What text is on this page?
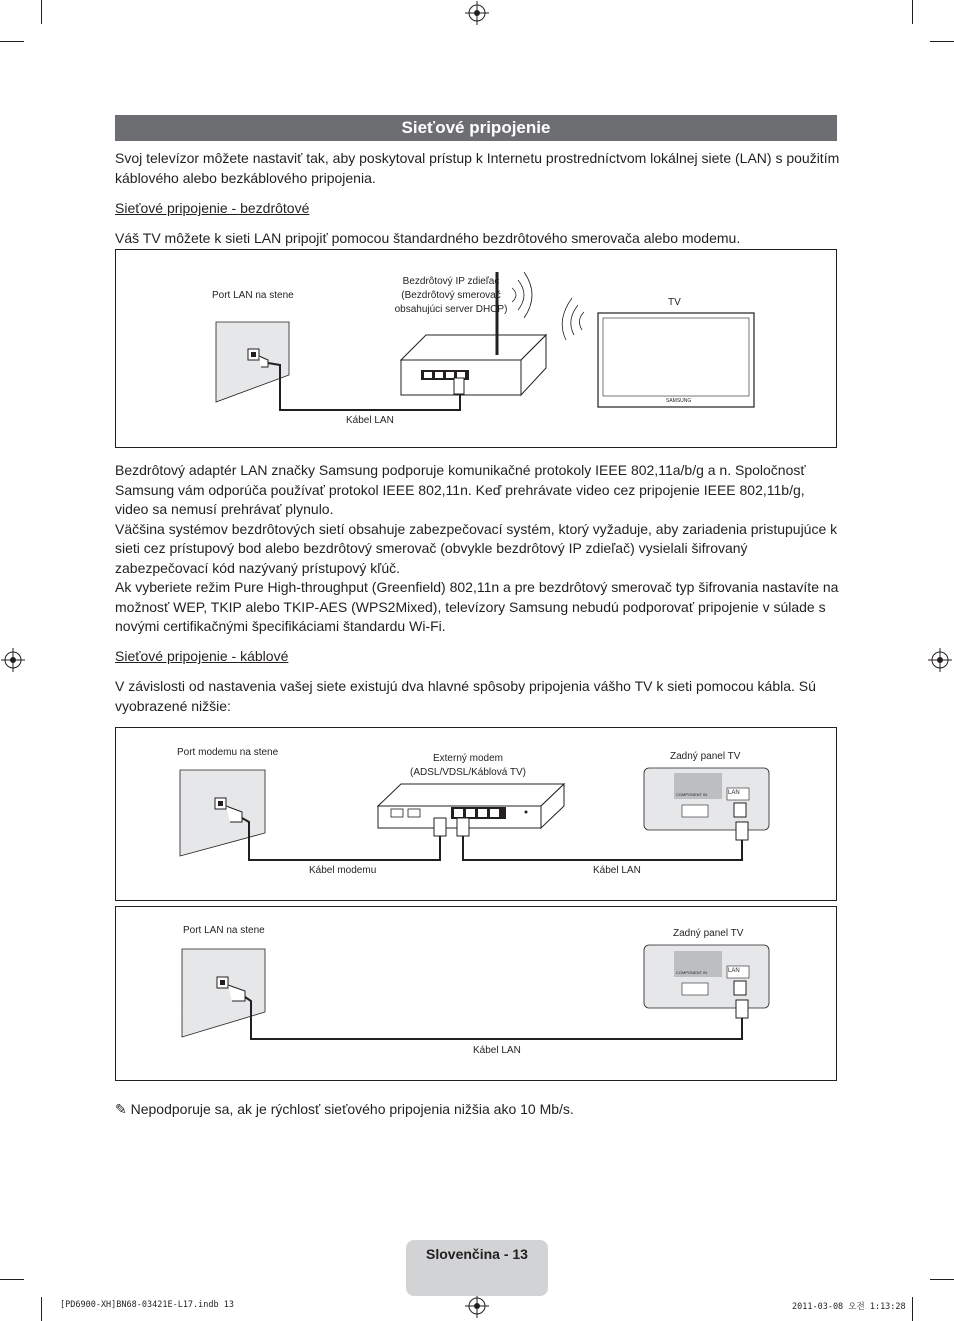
Sieťové pripojenie

Svoj televízor môžete nastaviť tak, aby poskytoval prístup k Internetu prostredníctvom lokálnej siete (LAN) s použitím káblového alebo bezkáblového pripojenia.

Sieťové pripojenie - bezdrôtové

Váš TV môžete k sieti LAN pripojiť pomocou štandardného bezdrôtového smerovača alebo modemu.

Port LAN na stene
Bezdrôtový IP zdieľač
(Bezdrôtový smerovač
obsahujúci server DHCP)
TV
Kábel LAN
SAMSUNG

Bezdrôtový adaptér LAN značky Samsung podporuje komunikačné protokoly IEEE 802,11a/b/g a n. Spoločnosť Samsung vám odporúča používať protokol IEEE 802,11n. Keď prehrávate video cez pripojenie IEEE 802,11b/g, video sa nemusí prehrávať plynulo.

Väčšina systémov bezdrôtových sietí obsahuje zabezpečovací systém, ktorý vyžaduje, aby zariadenia pristupujúce k sieti cez prístupový bod alebo bezdrôtový smerovač (obvykle bezdrôtový IP zdieľač) vysielali šifrovaný zabezpečovací kód nazývaný prístupový kľúč.

Ak vyberiete režim Pure High-throughput (Greenfield) 802,11n a pre bezdrôtový smerovač typ šifrovania nastavíte na možnosť WEP, TKIP alebo TKIP-AES (WPS2Mixed), televízory Samsung nebudú podporovať pripojenie v súlade s novými certifikačnými špecifikáciami štandardu Wi-Fi.

Sieťové pripojenie - káblové

V závislosti od nastavenia vašej siete existujú dva hlavné spôsoby pripojenia vášho TV k sieti pomocou kábla. Sú vyobrazené nižšie:

Port modemu na stene
Externý modem
(ADSL/VDSL/Káblová TV)
Zadný panel TV
Kábel modemu	Kábel LAN
LAN
COMPONENT IN
Port LAN na stene	Zadný panel TV
Kábel LAN
LAN
COMPONENT IN
✎ Nepodporuje sa, ak je rýchlosť sieťového pripojenia nižšia ako 10 Mb/s.
Slovenčina - 13
[PD6900-XH]BN68-03421E-L17.indb 13	2011-03-08 오전 1:13:28
